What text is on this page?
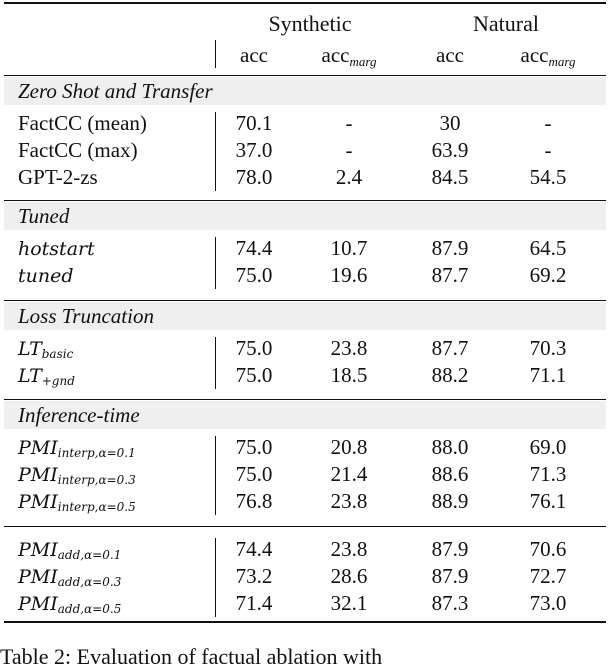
Synthetic	Natural
acc	accmarg	acc	accmarg
Zero Shot and Transfer
FactCC (mean)	70.1	-	30	-
FactCC (max)	37.0	-	63.9	-
GPT-2-zs	78.0	2.4	84.5	54.5
Tuned
hotstart	74.4	10.7	87.9	64.5
tuned	75.0	19.6	87.7	69.2
Loss Truncation
$LT_{basic}$	75.0	23.8	87.7	70.3
$LT_{+gnd}$	75.0	18.5	88.2	71.1
Inference-time
$PMI_{interp,\alpha=0.1}$	75.0	20.8	88.0	69.0
$PMI_{interp,\alpha=0.3}$	75.0	21.4	88.6	71.3
$PMI_{interp,\alpha=0.5}$	76.8	23.8	88.9	76.1
$PMI_{add,\alpha=0.1}$	74.4	23.8	87.9	70.6
$PMI_{add,\alpha=0.3}$	73.2	28.6	87.9	72.7
$PMI_{add,\alpha=0.5}$	71.4	32.1	87.3	73.0
Table 2: Evaluation of factual ablation with
